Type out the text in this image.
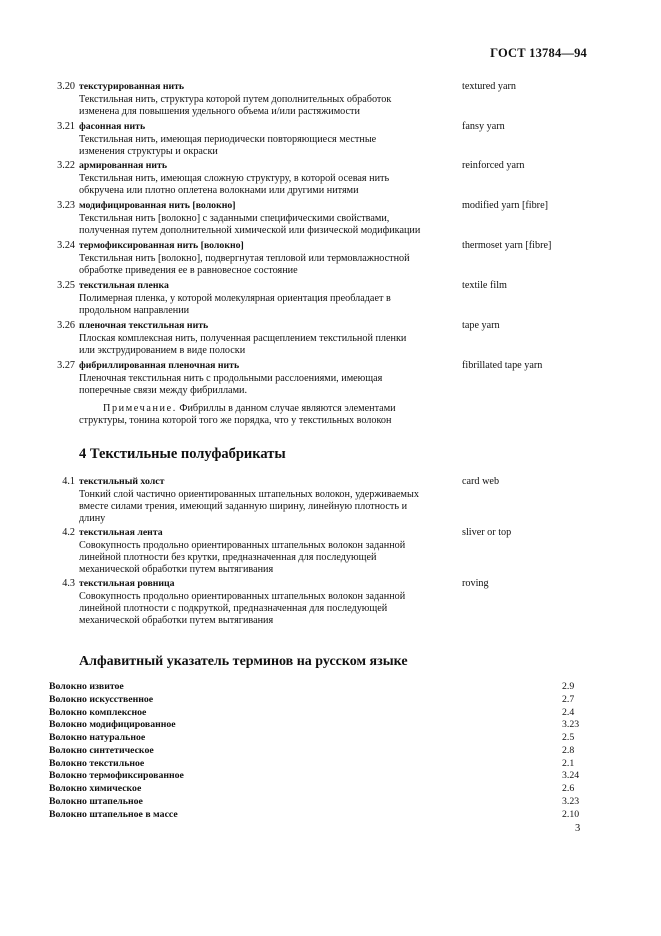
ГОСТ 13784—94
3.20 текстурированная нить	textured yarn
Текстильная нить, структура которой путем дополнительных обработок
изменена для повышения удельного объема и/или растяжимости
3.21 фасонная нить	fansy yarn
Текстильная нить, имеющая периодически повторяющиеся местные
изменения структуры и окраски
3.22 армированная нить	reinforced yarn
Текстильная нить, имеющая сложную структуру, в которой осевая нить
обкручена или плотно оплетена волокнами или другими нитями
3.23 модифицированная нить [волокно]	modified yarn [fibre]
Текстильная нить [волокно] с заданными специфическими свойствами,
полученная путем дополнительной химической или физической модификации
3.24 термофиксированная нить [волокно]	thermoset yarn [fibre]
Текстильная нить [волокно], подвергнутая тепловой или термовлажностной
обработке приведения ее в равновесное состояние
3.25 текстильная пленка	textile film
Полимерная пленка, у которой молекулярная ориентация преобладает в
продольном направлении
3.26 пленочная текстильная нить	tape yarn
Плоская комплексная нить, полученная расщеплением текстильной пленки
или экструдированием в виде полоски
3.27 фибриллированная пленочная нить	fibrillated tape yarn
Пленочная текстильная нить с продольными расслоениями, имеющая
поперечные связи между фибриллами.
Примечание. Фибриллы в данном случае являются элементами
структуры, тонина которой того же порядка, что у текстильных волокон
4 Текстильные полуфабрикаты
4.1 текстильный холст	card web
Тонкий слой частично ориентированных штапельных волокон, удерживаемых
вместе силами трения, имеющий заданную ширину, линейную плотность и
длину
4.2 текстильная лента	sliver or top
Совокупность продольно ориентированных штапельных волокон заданной
линейной плотности без крутки, предназначенная для последующей
механической обработки путем вытягивания
4.3 текстильная ровница	roving
Совокупность продольно ориентированных штапельных волокон заданной
линейной плотности с подкруткой, предназначенная для последующей
механической обработки путем вытягивания
Алфавитный указатель терминов на русском языке
Волокно извитое	2.9
Волокно искусственное	2.7
Волокно комплексное	2.4
Волокно модифицированное	3.23
Волокно натуральное	2.5
Волокно синтетическое	2.8
Волокно текстильное	2.1
Волокно термофиксированное	3.24
Волокно химическое	2.6
Волокно штапельное	3.23
Волокно штапельное в массе	2.10
3
